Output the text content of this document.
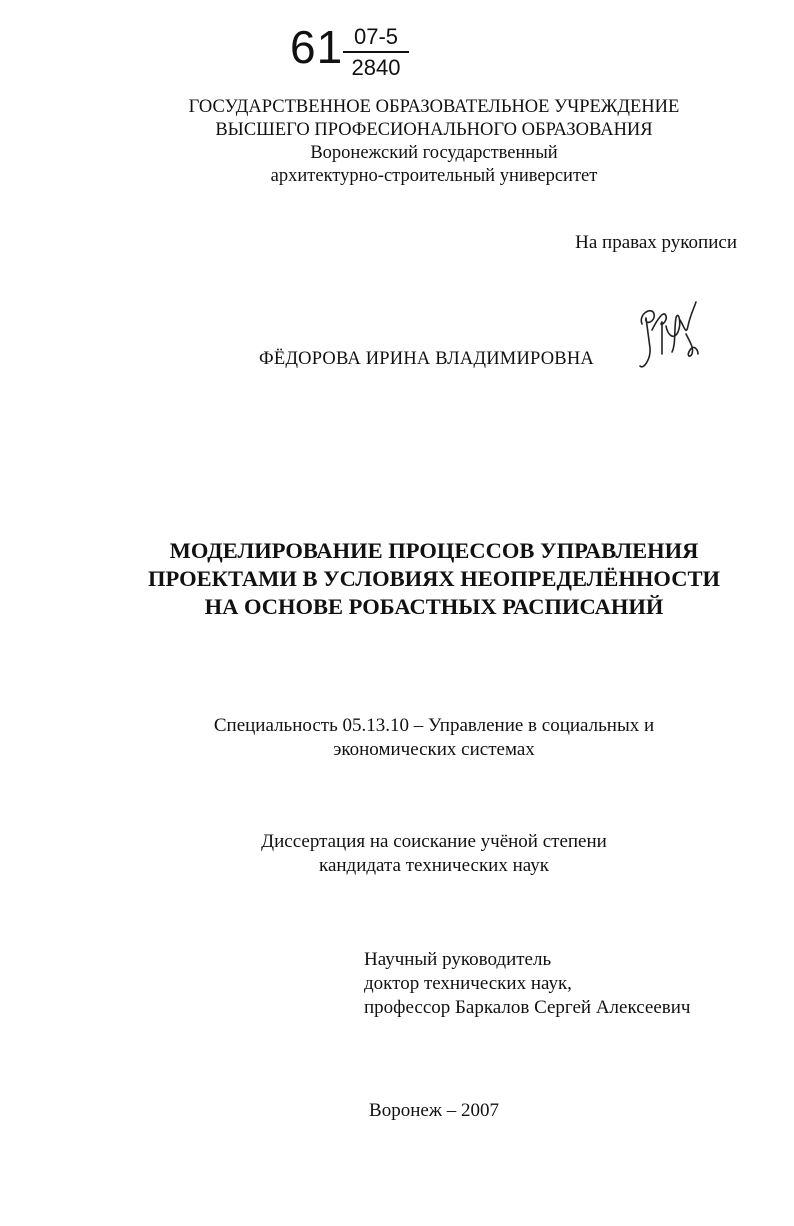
61 07-5
2840
ГОСУДАРСТВЕННОЕ ОБРАЗОВАТЕЛЬНОЕ УЧРЕЖДЕНИЕ
ВЫСШЕГО ПРОФЕСИОНАЛЬНОГО ОБРАЗОВАНИЯ
Воронежский государственный
архитектурно-строительный университет
На правах рукописи
ФЁДОРОВА ИРИНА ВЛАДИМИРОВНА
МОДЕЛИРОВАНИЕ ПРОЦЕССОВ УПРАВЛЕНИЯ
ПРОЕКТАМИ В УСЛОВИЯХ НЕОПРЕДЕЛЁННОСТИ
НА ОСНОВЕ РОБАСТНЫХ РАСПИСАНИЙ
Специальность 05.13.10 – Управление в социальных и
экономических системах
Диссертация на соискание учёной степени
кандидата технических наук
Научный руководитель
доктор технических наук,
профессор Баркалов Сергей Алексеевич
Воронеж – 2007
